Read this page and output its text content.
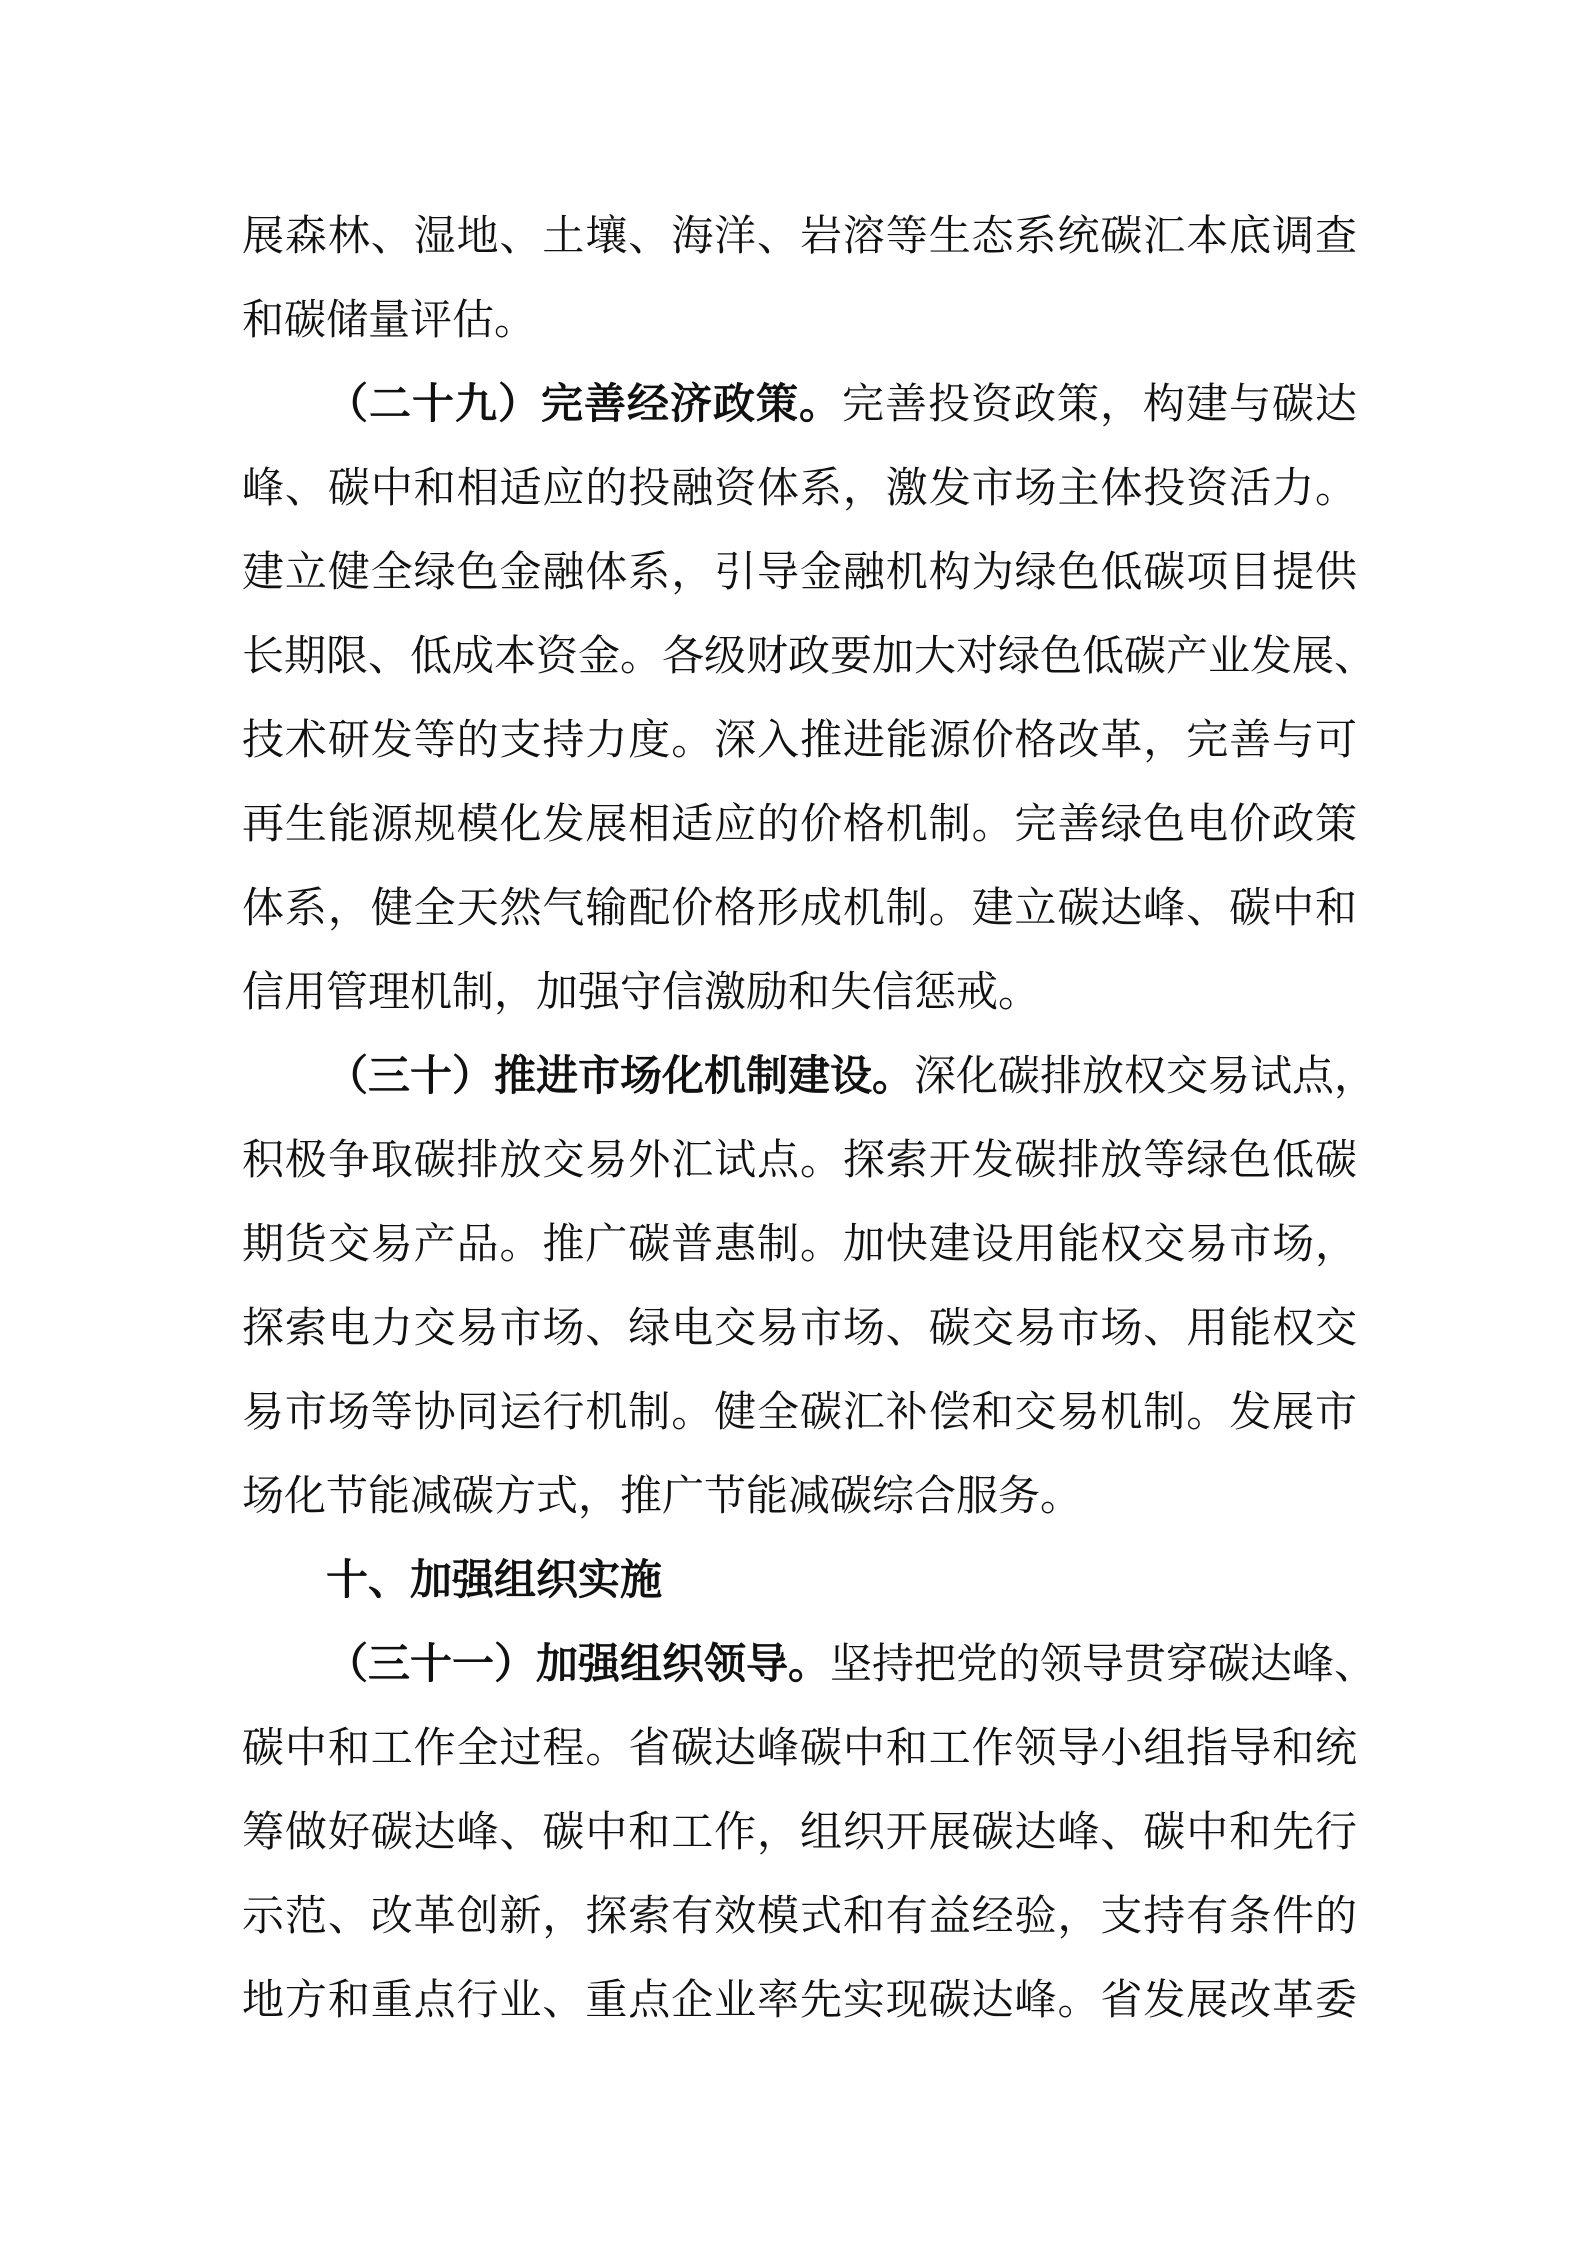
展森林、湿地、土壤、海洋、岩溶等生态系统碳汇本底调查
和碳储量评估。
（二十九）完善经济政策。完善投资政策，构建与碳达
峰、碳中和相适应的投融资体系，激发市场主体投资活力。
建立健全绿色金融体系，引导金融机构为绿色低碳项目提供
长期限、低成本资金。各级财政要加大对绿色低碳产业发展、
技术研发等的支持力度。深入推进能源价格改革，完善与可
再生能源规模化发展相适应的价格机制。完善绿色电价政策
体系，健全天然气输配价格形成机制。建立碳达峰、碳中和
信用管理机制，加强守信激励和失信惩戒。
（三十）推进市场化机制建设。深化碳排放权交易试点，
积极争取碳排放交易外汇试点。探索开发碳排放等绿色低碳
期货交易产品。推广碳普惠制。加快建设用能权交易市场，
探索电力交易市场、绿电交易市场、碳交易市场、用能权交
易市场等协同运行机制。健全碳汇补偿和交易机制。发展市
场化节能减碳方式，推广节能减碳综合服务。
十、加强组织实施
（三十一）加强组织领导。坚持把党的领导贯穿碳达峰、
碳中和工作全过程。省碳达峰碳中和工作领导小组指导和统
筹做好碳达峰、碳中和工作，组织开展碳达峰、碳中和先行
示范、改革创新，探索有效模式和有益经验，支持有条件的
地方和重点行业、重点企业率先实现碳达峰。省发展改革委
